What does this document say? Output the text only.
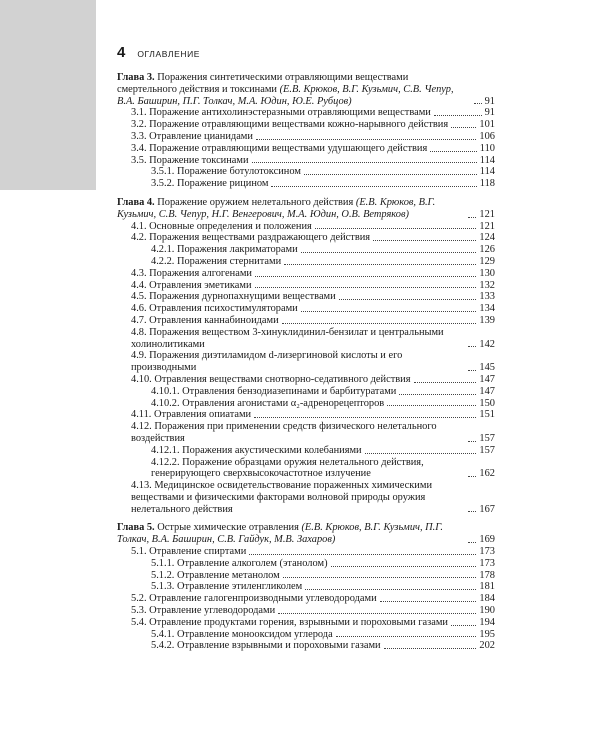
4 ОГЛАВЛЕНИЕ
Глава 3. Поражения синтетическими отравляющими веществами смертельного действия и токсинами (Е.В. Крюков, В.Г. Кузьмич, С.В. Чепур, В.А. Баширин, П.Г. Толкач, М.А. Юдин, Ю.Е. Рубцов)	91
3.1. Поражение антихолинэстеразными отравляющими веществами	91
3.2. Поражение отравляющими веществами кожно-нарывного действия	101
3.3. Отравление цианидами	106
3.4. Поражение отравляющими веществами удушающего действия	110
3.5. Поражение токсинами	114
3.5.1. Поражение ботулотоксином	114
3.5.2. Поражение рицином	118
Глава 4. Поражение оружием нелетального действия (Е.В. Крюков, В.Г. Кузьмич, С.В. Чепур, Н.Г. Венгерович, М.А. Юдин, О.В. Ветряков)	121
4.1. Основные определения и положения	121
4.2. Поражения веществами раздражающего действия	124
4.2.1. Поражения лакриматорами	126
4.2.2. Поражения стернитами	129
4.3. Поражения алгогенами	130
4.4. Отравления эметиками	132
4.5. Поражения дурнопахнущими веществами	133
4.6. Отравления психостимуляторами	134
4.7. Отравления каннабиноидами	139
4.8. Поражения веществом 3-хинуклидинил-бензилат и центральными холинолитиками	142
4.9. Поражения диэтиламидом d-лизергиновой кислоты и его производными	145
4.10. Отравления веществами снотворно-седативного действия	147
4.10.1. Отравления бензодиазепинами и барбитуратами	147
4.10.2. Отравления агонистами α₂-адренорецепторов	150
4.11. Отравления опиатами	151
4.12. Поражения при применении средств физического нелетального воздействия	157
4.12.1. Поражения акустическими колебаниями	157
4.12.2. Поражение образцами оружия нелетального действия, генерирующего сверхвысокочастотное излучение	162
4.13. Медицинское освидетельствование пораженных химическими веществами и физическими факторами волновой природы оружия нелетального действия	167
Глава 5. Острые химические отравления (Е.В. Крюков, В.Г. Кузьмич, П.Г. Толкач, В.А. Баширин, С.В. Гайдук, М.В. Захаров)	169
5.1. Отравление спиртами	173
5.1.1. Отравление алкоголем (этанолом)	173
5.1.2. Отравление метанолом	178
5.1.3. Отравление этиленгликолем	181
5.2. Отравление галогенпроизводными углеводородами	184
5.3. Отравление углеводородами	190
5.4. Отравление продуктами горения, взрывными и пороховыми газами	194
5.4.1. Отравление монооксидом углерода	195
5.4.2. Отравление взрывными и пороховыми газами	202
